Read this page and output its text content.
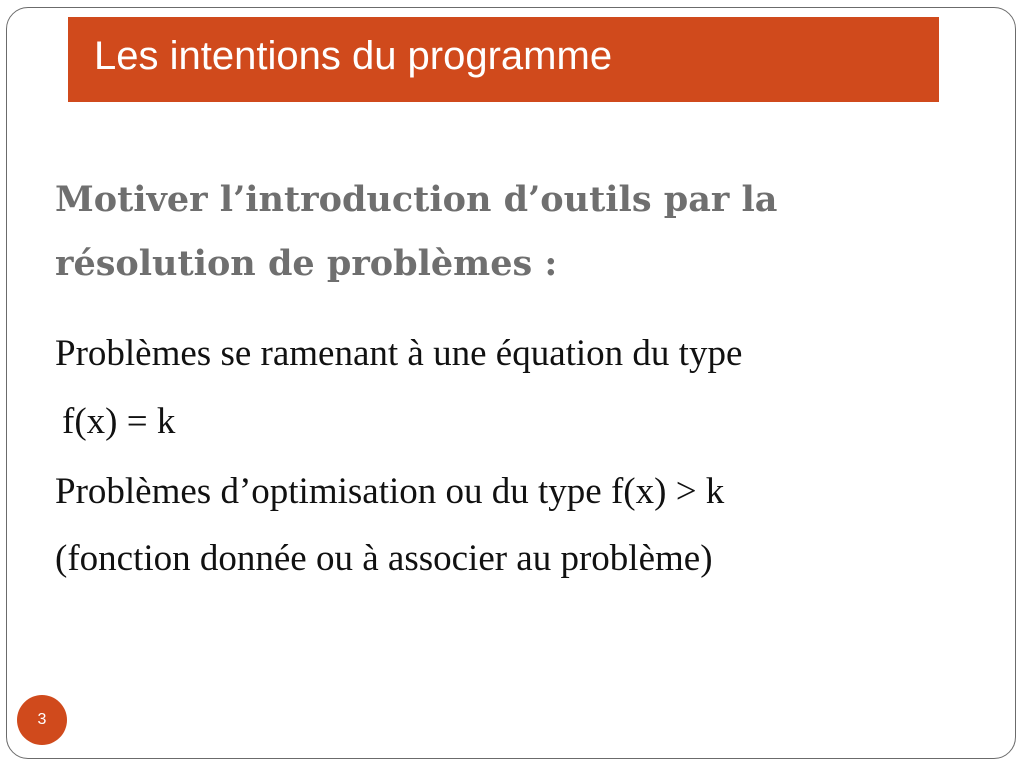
Les intentions du programme
Motiver l’introduction d’outils par la résolution de problèmes :
Problèmes se ramenant à une équation du type
f(x) = k
Problèmes d’optimisation ou du type f(x) > k
(fonction donnée ou à associer au problème)
3
